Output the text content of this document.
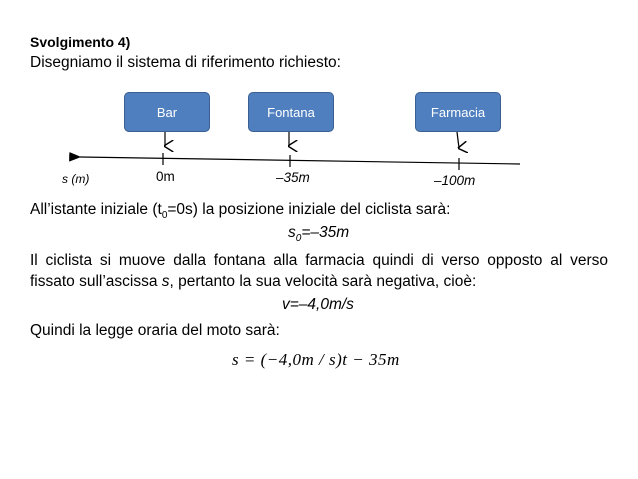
Svolgimento 4)
Disegniamo il sistema di riferimento richiesto:
Bar	Fontana	Farmacia
s (m)	0m	–35m	–100m
All’istante iniziale $(t_0=0s)$ la posizione iniziale del ciclista sarà:
$s_0=-35m$
Il ciclista si muove dalla fontana alla farmacia quindi di verso opposto al verso fissato sull’ascissa s, pertanto la sua velocità sarà negativa, cioè:
v=–4,0m/s
Quindi la legge oraria del moto sarà:
s = (−4,0m / s)t − 35m
